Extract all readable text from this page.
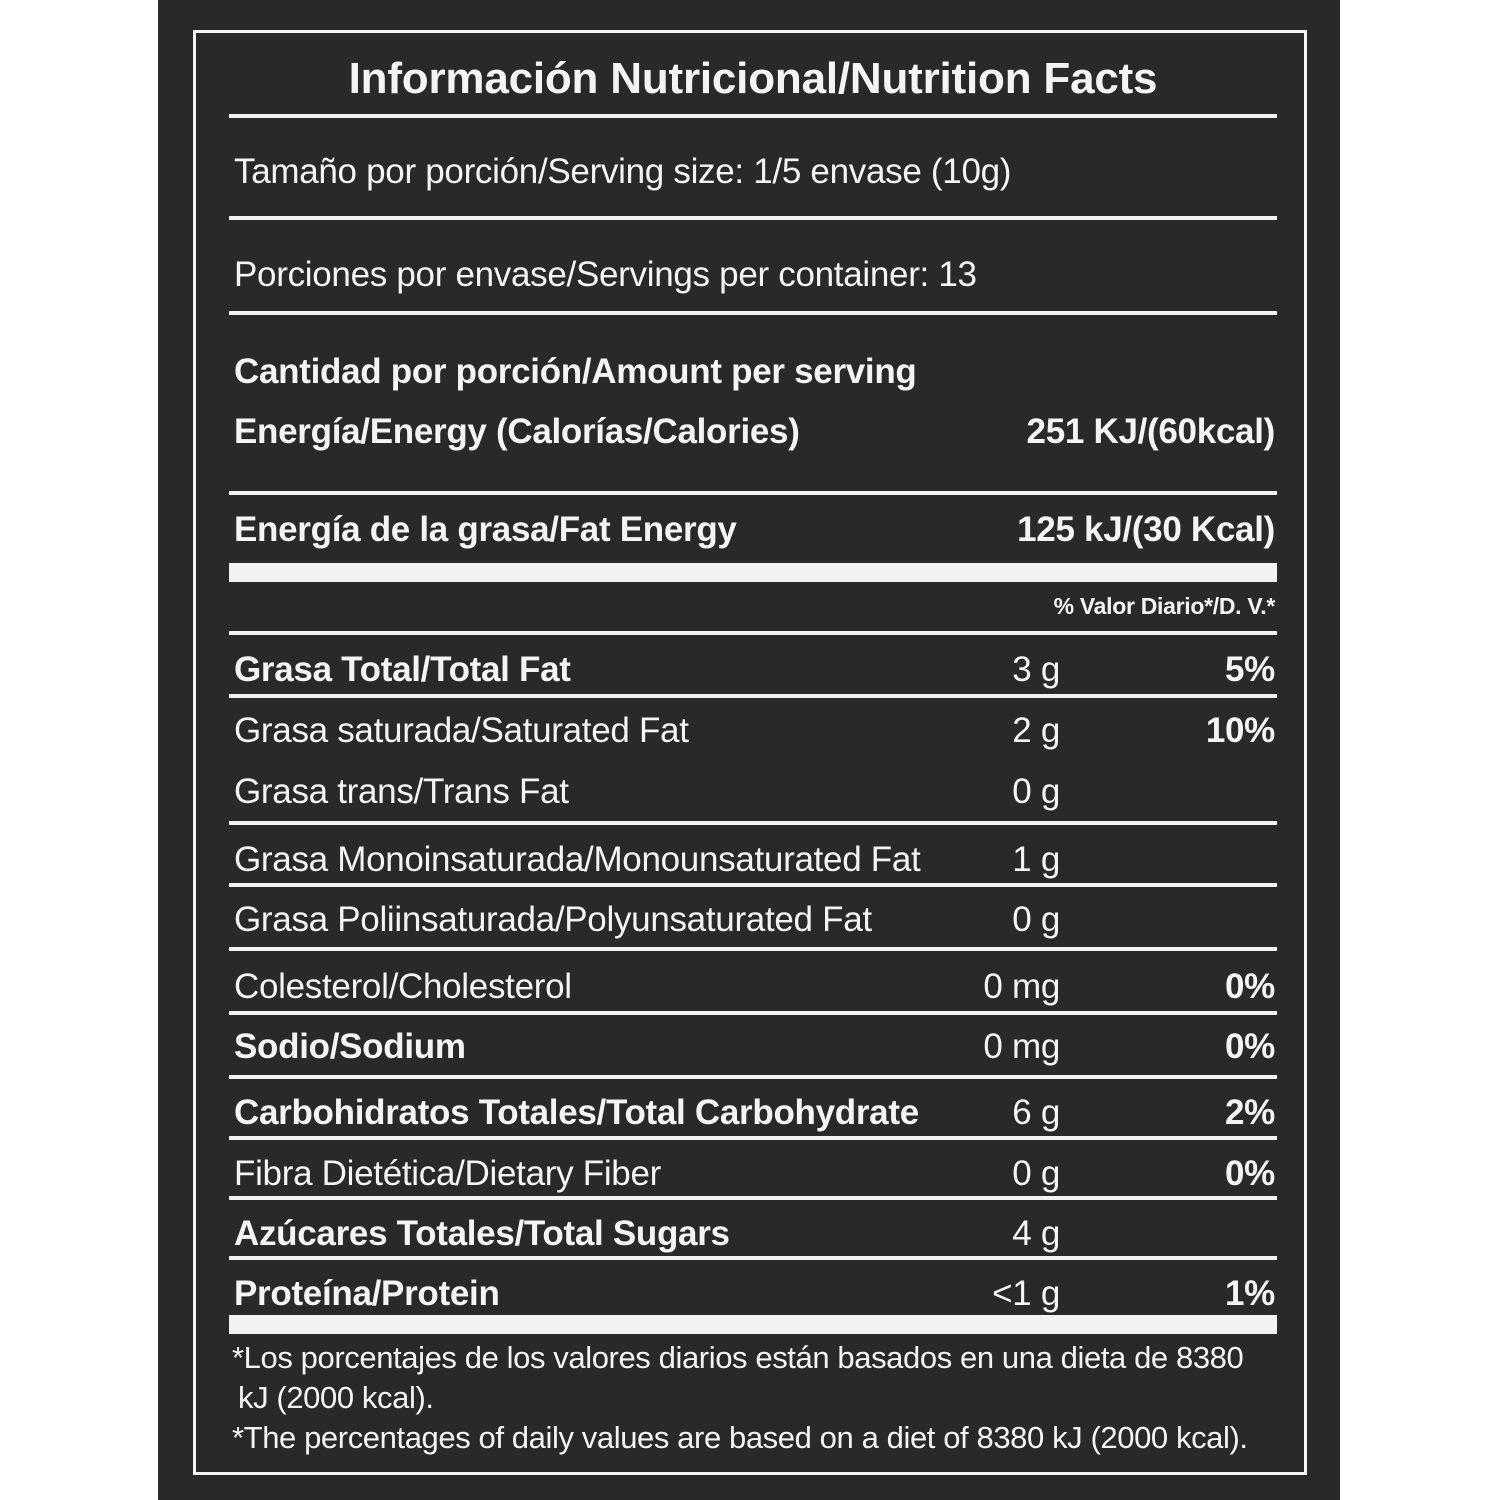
Información Nutricional/Nutrition Facts
Tamaño por porción/Serving size: 1/5 envase (10g)
Porciones por envase/Servings per container: 13
Cantidad por porción/Amount per serving
Energía/Energy (Calorías/Calories)	251 KJ/(60kcal)
Energía de la grasa/Fat Energy	125 kJ/(30 Kcal)
% Valor Diario*/D. V.*
Grasa Total/Total Fat	3 g	5%
Grasa saturada/Saturated Fat	2 g	10%
Grasa trans/Trans Fat	0 g
Grasa Monoinsaturada/Monounsaturated Fat	1 g
Grasa Poliinsaturada/Polyunsaturated Fat	0 g
Colesterol/Cholesterol	0 mg	0%
Sodio/Sodium	0 mg	0%
Carbohidratos Totales/Total Carbohydrate	6 g	2%
Fibra Dietética/Dietary Fiber	0 g	0%
Azúcares Totales/Total Sugars	4 g
Proteína/Protein	<1 g	1%
*Los porcentajes de los valores diarios están basados en una dieta de 8380
kJ (2000 kcal).
*The percentages of daily values are based on a diet of 8380 kJ (2000 kcal).
